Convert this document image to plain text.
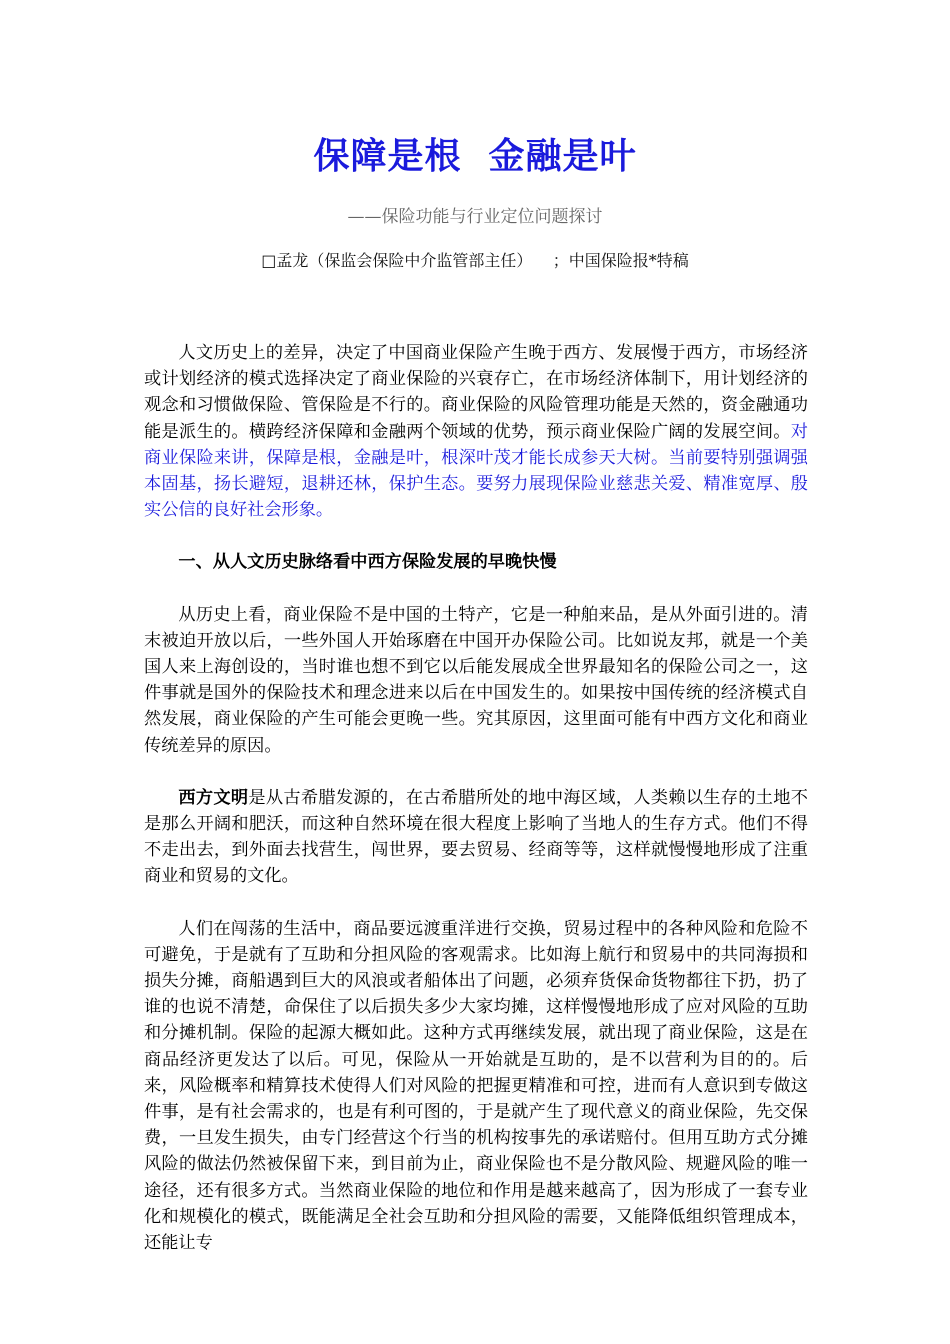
保障是根  金融是叶
——保险功能与行业定位问题探讨
□孟龙（保监会保险中介监管部主任）    ；中国保险报*特稿

人文历史上的差异，决定了中国商业保险产生晚于西方、发展慢于西方，市场经济或计划经济的模式选择决定了商业保险的兴衰存亡，在市场经济体制下，用计划经济的观念和习惯做保险、管保险是不行的。商业保险的风险管理功能是天然的，资金融通功能是派生的。横跨经济保障和金融两个领域的优势，预示商业保险广阔的发展空间。对商业保险来讲，保障是根，金融是叶，根深叶茂才能长成参天大树。当前要特别强调强本固基，扬长避短，退耕还林，保护生态。要努力展现保险业慈悲关爱、精准宽厚、殷实公信的良好社会形象。

一、从人文历史脉络看中西方保险发展的早晚快慢

从历史上看，商业保险不是中国的土特产，它是一种舶来品，是从外面引进的。清末被迫开放以后，一些外国人开始琢磨在中国开办保险公司。比如说友邦，就是一个美国人来上海创设的，当时谁也想不到它以后能发展成全世界最知名的保险公司之一，这件事就是国外的保险技术和理念进来以后在中国发生的。如果按中国传统的经济模式自然发展，商业保险的产生可能会更晚一些。究其原因，这里面可能有中西方文化和商业传统差异的原因。

西方文明是从古希腊发源的，在古希腊所处的地中海区域，人类赖以生存的土地不是那么开阔和肥沃，而这种自然环境在很大程度上影响了当地人的生存方式。他们不得不走出去，到外面去找营生，闯世界，要去贸易、经商等等，这样就慢慢地形成了注重商业和贸易的文化。

人们在闯荡的生活中，商品要远渡重洋进行交换，贸易过程中的各种风险和危险不可避免，于是就有了互助和分担风险的客观需求。比如海上航行和贸易中的共同海损和损失分摊，商船遇到巨大的风浪或者船体出了问题，必须弃货保命货物都往下扔，扔了谁的也说不清楚，命保住了以后损失多少大家均摊，这样慢慢地形成了应对风险的互助和分摊机制。保险的起源大概如此。这种方式再继续发展，就出现了商业保险，这是在商品经济更发达了以后。可见，保险从一开始就是互助的，是不以营利为目的的。后来，风险概率和精算技术使得人们对风险的把握更精准和可控，进而有人意识到专做这件事，是有社会需求的，也是有利可图的，于是就产生了现代意义的商业保险，先交保费，一旦发生损失，由专门经营这个行当的机构按事先的承诺赔付。但用互助方式分摊风险的做法仍然被保留下来，到目前为止，商业保险也不是分散风险、规避风险的唯一途径，还有很多方式。当然商业保险的地位和作用是越来越高了，因为形成了一套专业化和规模化的模式，既能满足全社会互助和分担风险的需要，又能降低组织管理成本，还能让专
